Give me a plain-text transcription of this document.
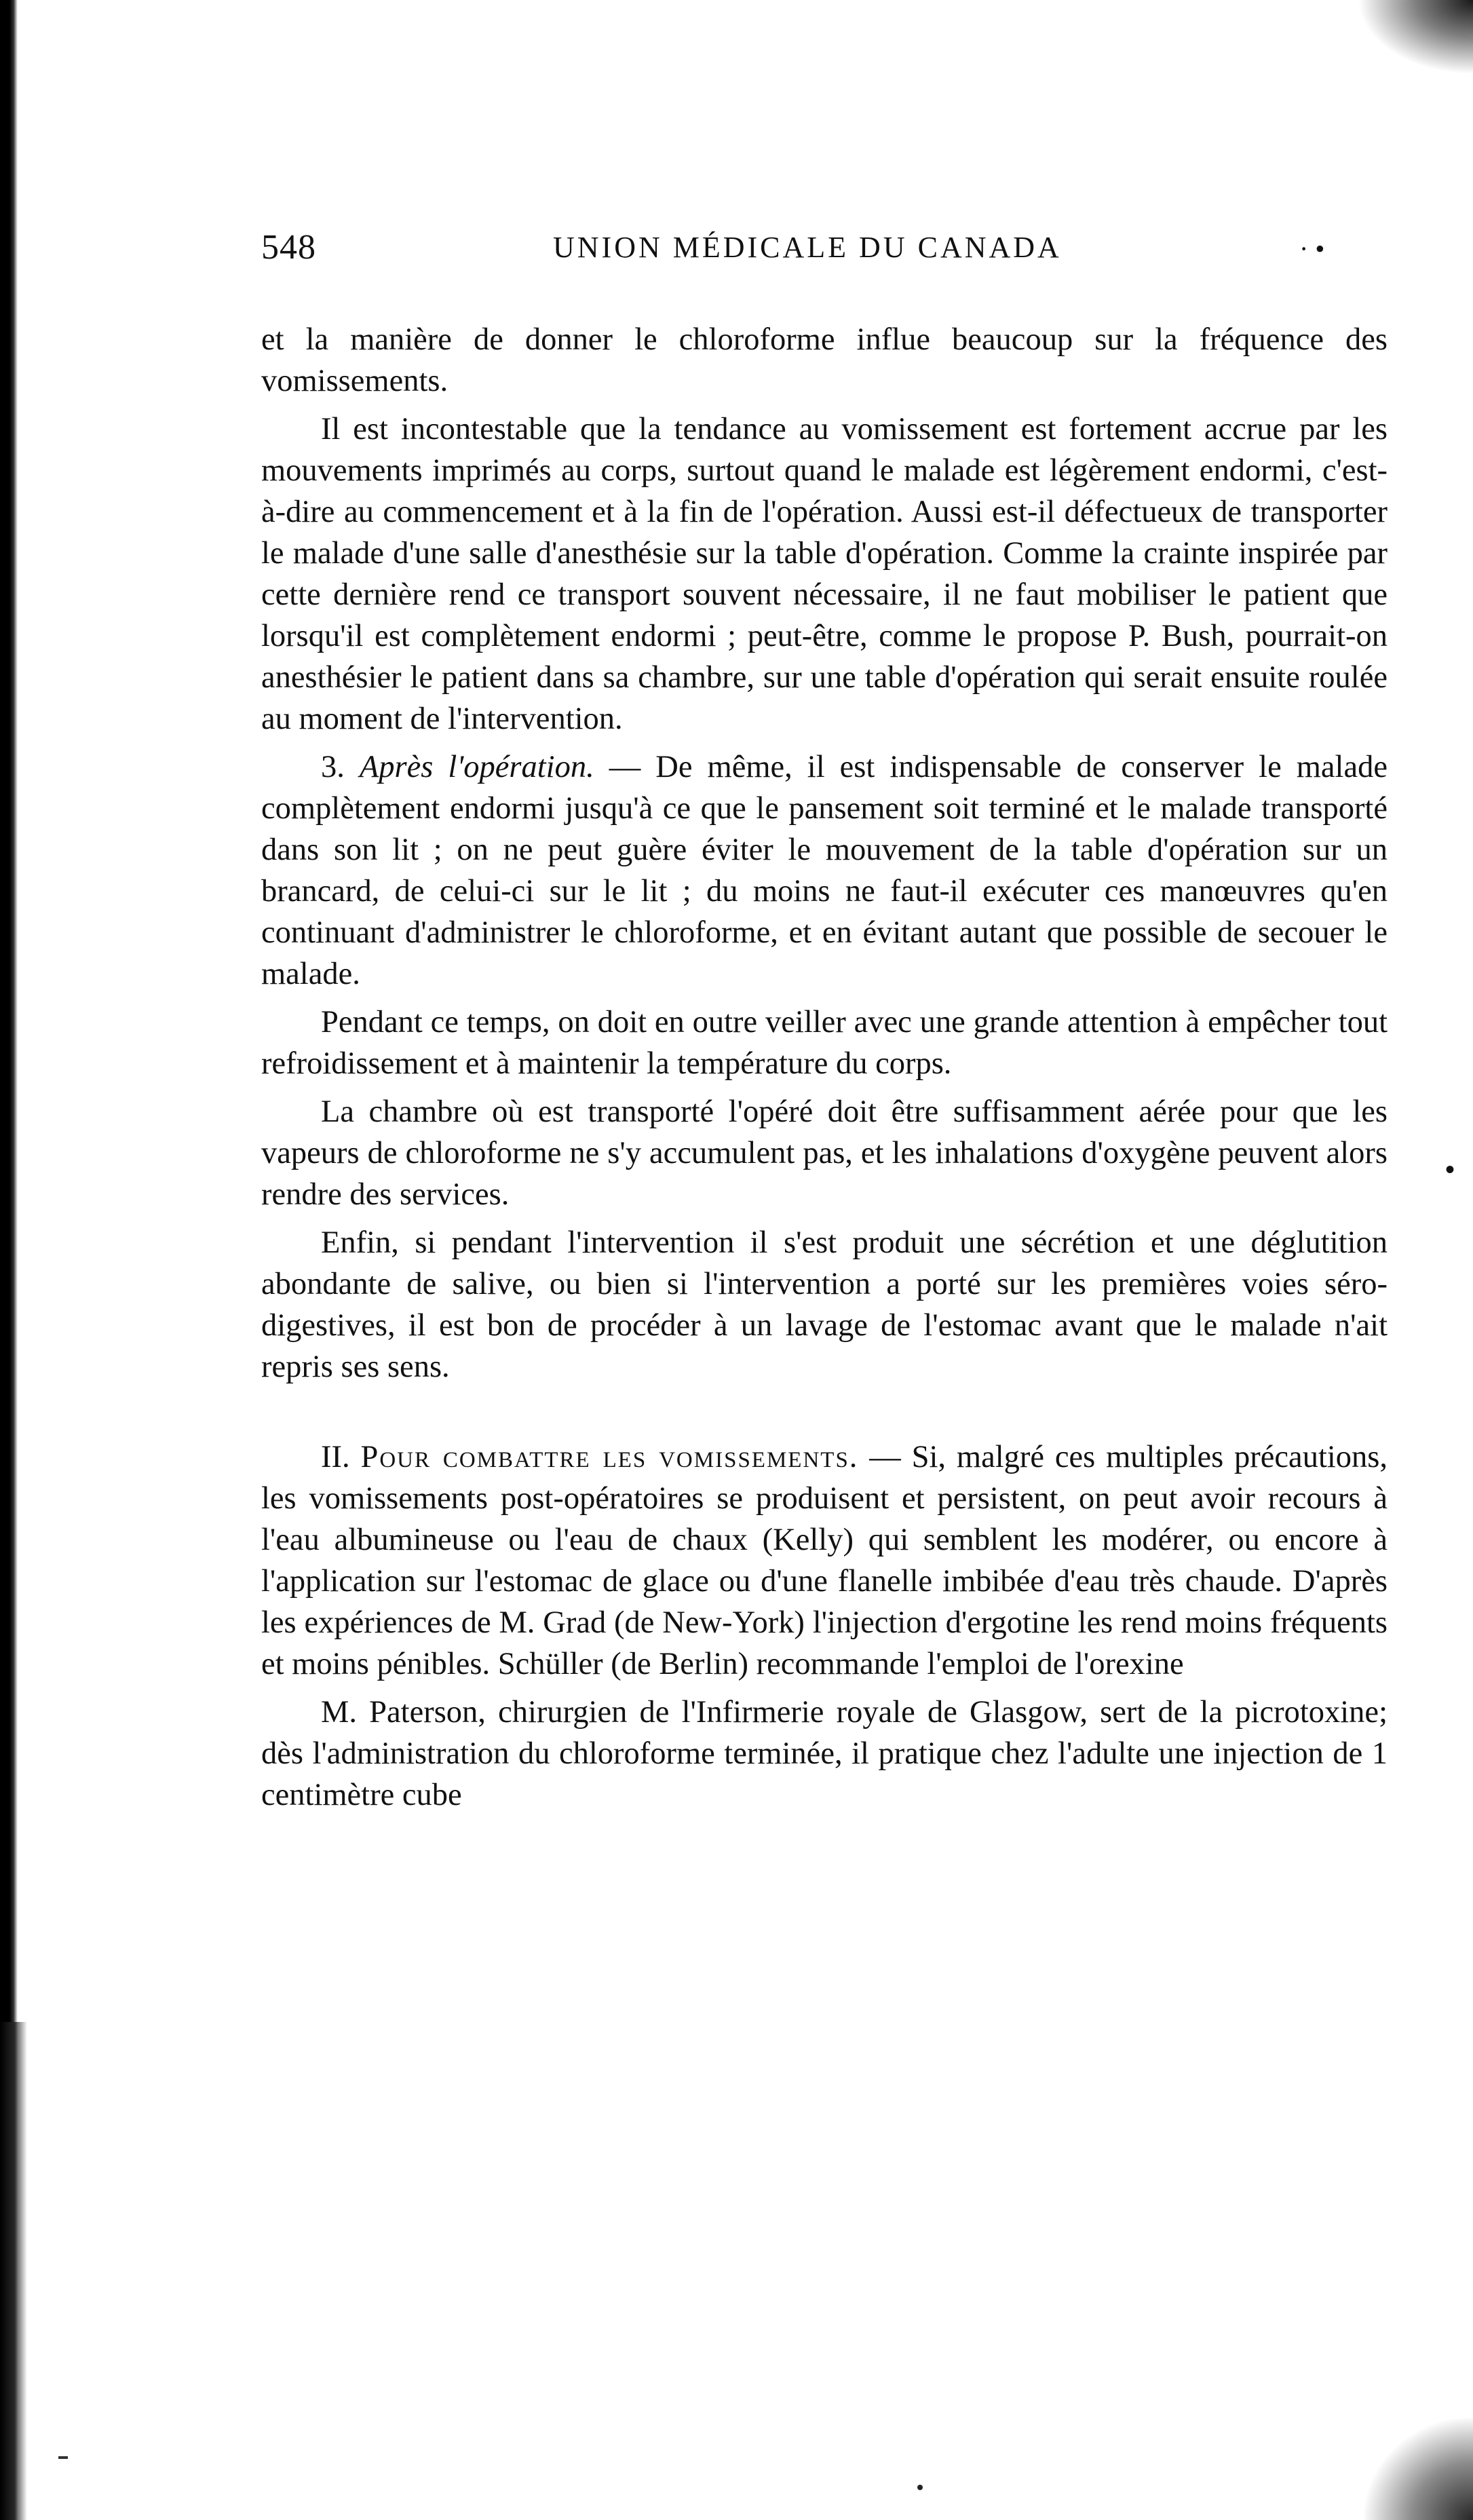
548	UNION MÉDICALE DU CANADA	· •

et la manière de donner le chloroforme influe beaucoup sur la fréquence des vomissements.

Il est incontestable que la tendance au vomissement est fortement accrue par les mouvements imprimés au corps, surtout quand le malade est légèrement endormi, c'est-à-dire au commencement et à la fin de l'opération. Aussi est-il défectueux de transporter le malade d'une salle d'anesthésie sur la table d'opération. Comme la crainte inspirée par cette dernière rend ce transport souvent nécessaire, il ne faut mobiliser le patient que lorsqu'il est complètement endormi ; peut-être, comme le propose P. Bush, pourrait-on anesthésier le patient dans sa chambre, sur une table d'opération qui serait ensuite roulée au moment de l'intervention.

3. Après l'opération. — De même, il est indispensable de conserver le malade complètement endormi jusqu'à ce que le pansement soit terminé et le malade transporté dans son lit ; on ne peut guère éviter le mouvement de la table d'opération sur un brancard, de celui-ci sur le lit ; du moins ne faut-il exécuter ces manœuvres qu'en continuant d'administrer le chloroforme, et en évitant autant que possible de secouer le malade.

Pendant ce temps, on doit en outre veiller avec une grande attention à empêcher tout refroidissement et à maintenir la température du corps.

La chambre où est transporté l'opéré doit être suffisamment aérée pour que les vapeurs de chloroforme ne s'y accumulent pas, et les inhalations d'oxygène peuvent alors rendre des services.

Enfin, si pendant l'intervention il s'est produit une sécrétion et une déglutition abondante de salive, ou bien si l'intervention a porté sur les premières voies séro-digestives, il est bon de procéder à un lavage de l'estomac avant que le malade n'ait repris ses sens.

II. Pour combattre les vomissements. — Si, malgré ces multiples précautions, les vomissements post-opératoires se produisent et persistent, on peut avoir recours à l'eau albumineuse ou l'eau de chaux (Kelly) qui semblent les modérer, ou encore à l'application sur l'estomac de glace ou d'une flanelle imbibée d'eau très chaude. D'après les expériences de M. Grad (de New-York) l'injection d'ergotine les rend moins fréquents et moins pénibles. Schüller (de Berlin) recommande l'emploi de l'orexine

M. Paterson, chirurgien de l'Infirmerie royale de Glasgow, sert de la picrotoxine; dès l'administration du chloroforme terminée, il pratique chez l'adulte une injection de 1 centimètre cube

•
